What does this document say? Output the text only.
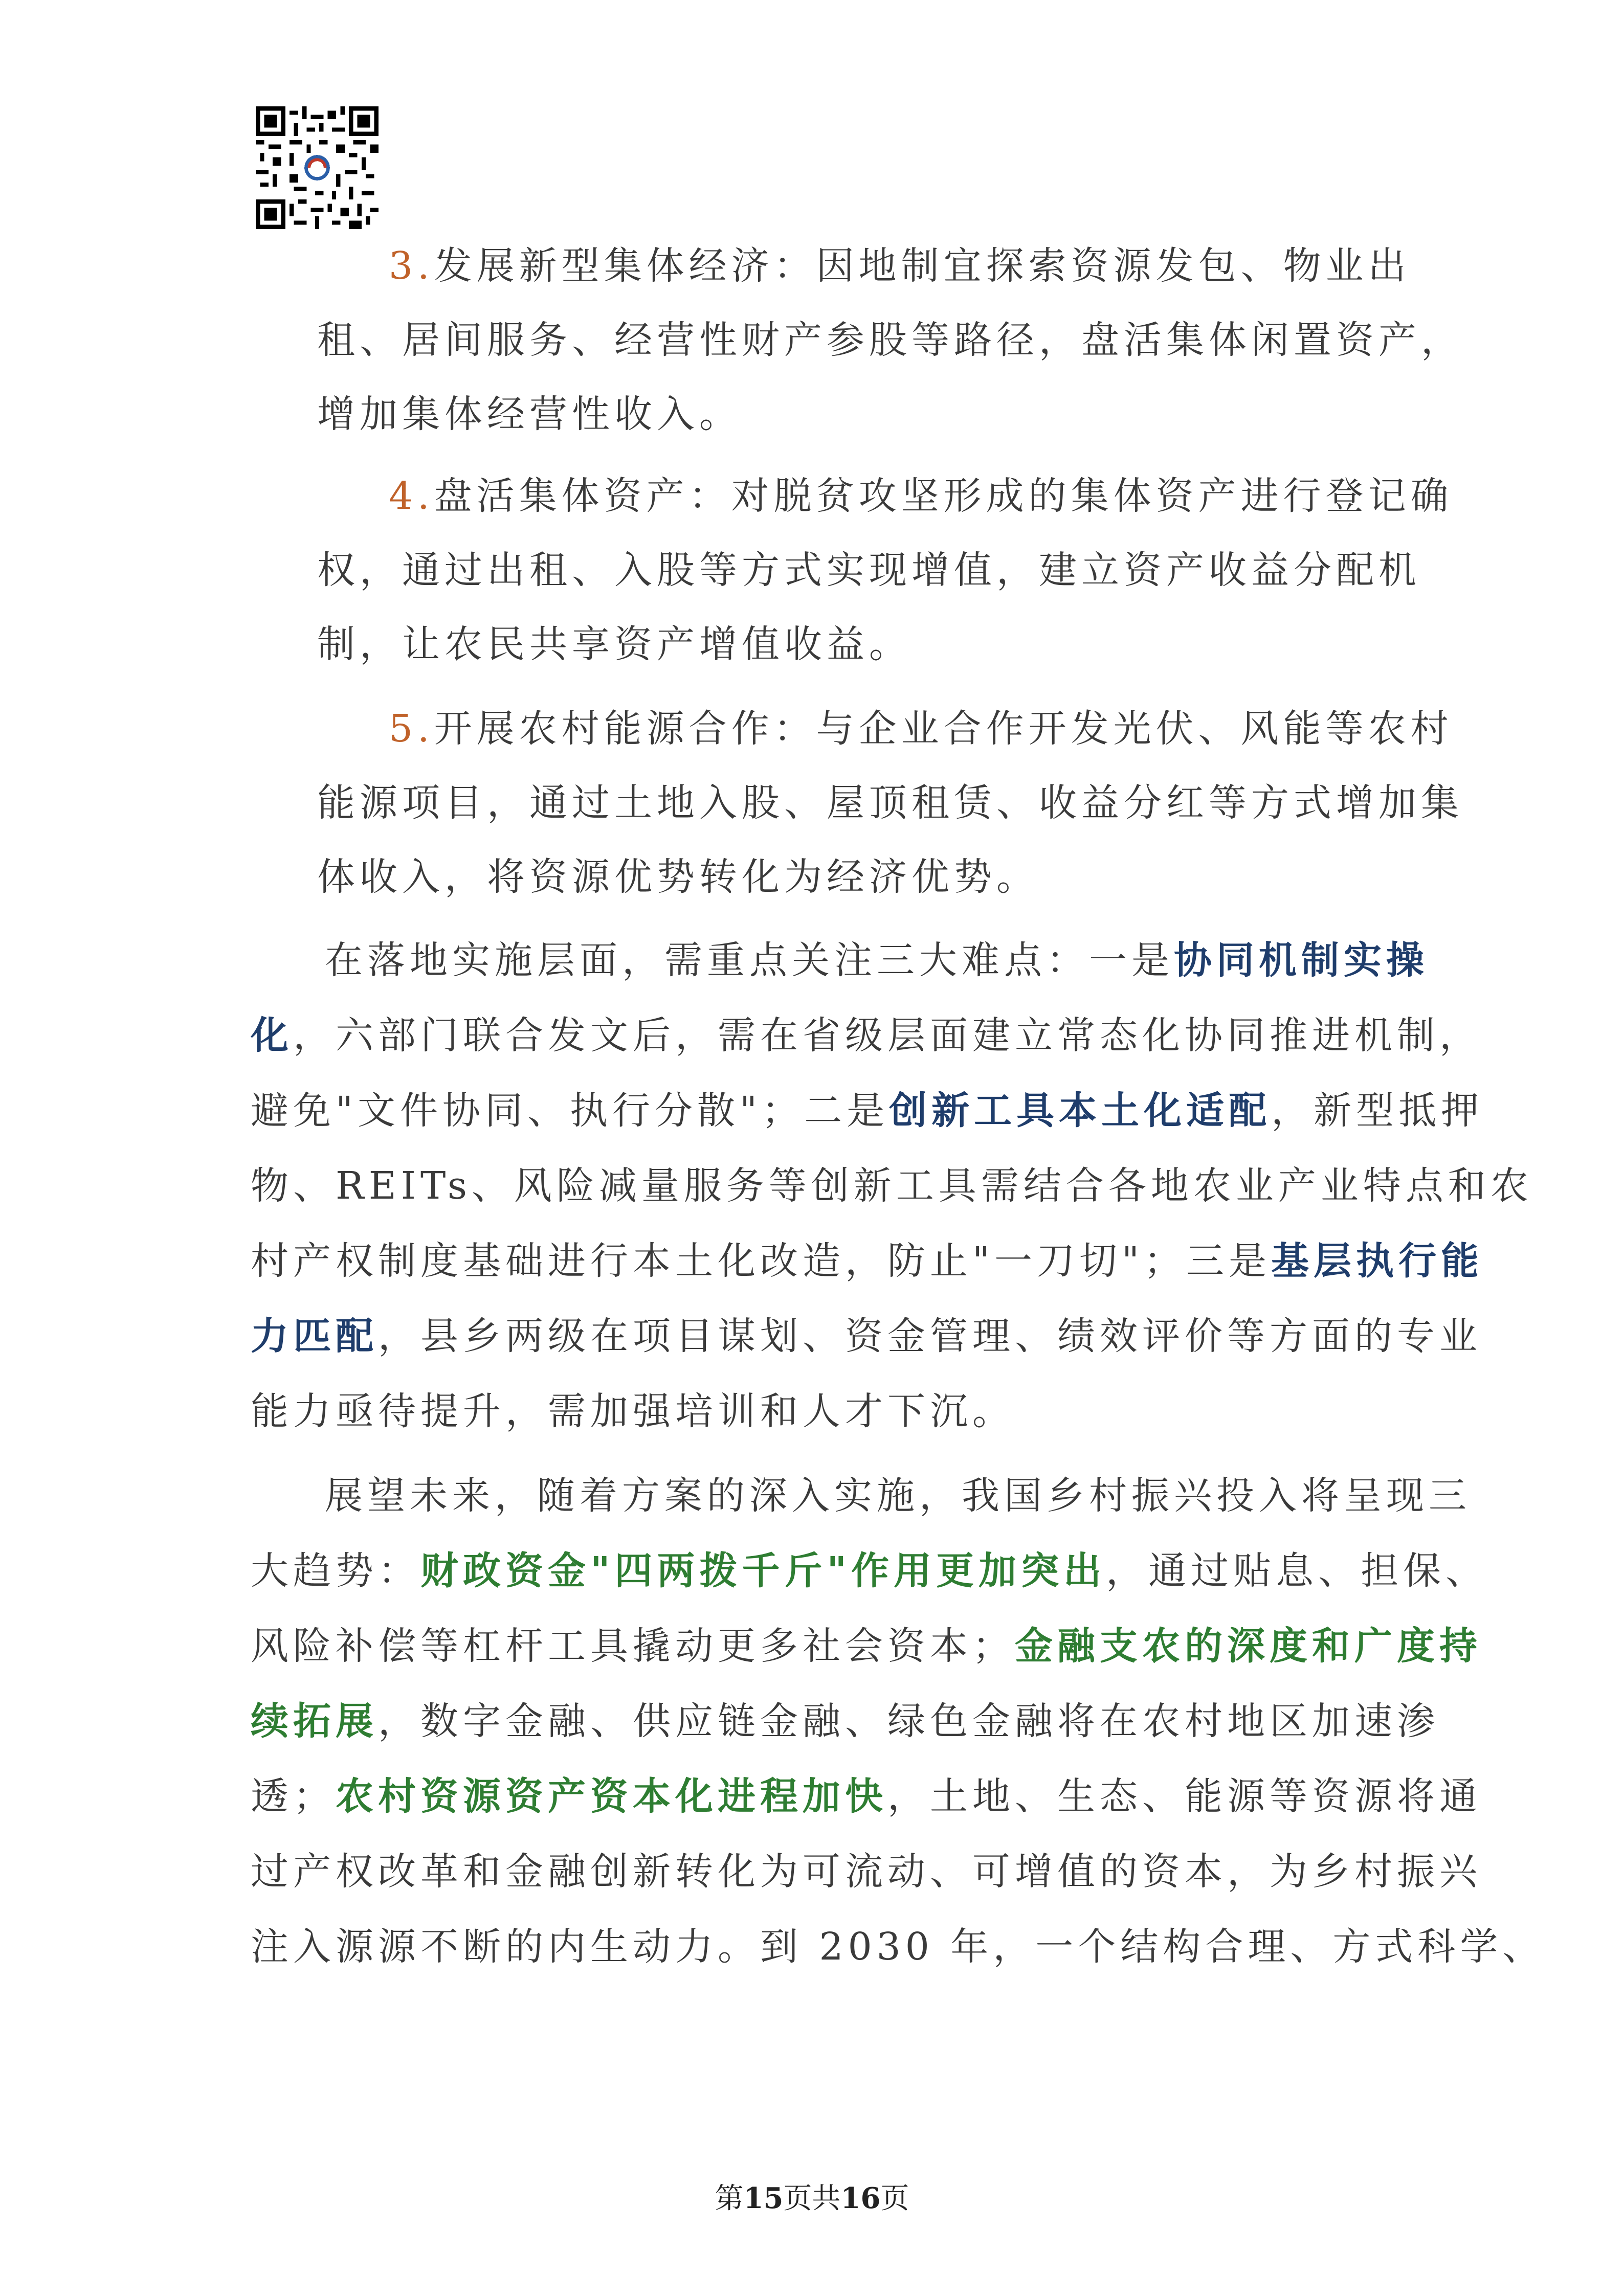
3.发展新型集体经济：因地制宜探索资源发包、物业出
租、居间服务、经营性财产参股等路径，盘活集体闲置资产，
增加集体经营性收入。
4.盘活集体资产：对脱贫攻坚形成的集体资产进行登记确
权，通过出租、入股等方式实现增值，建立资产收益分配机
制，让农民共享资产增值收益。
5.开展农村能源合作：与企业合作开发光伏、风能等农村
能源项目，通过土地入股、屋顶租赁、收益分红等方式增加集
体收入，将资源优势转化为经济优势。
在落地实施层面，需重点关注三大难点：一是协同机制实操
化，六部门联合发文后，需在省级层面建立常态化协同推进机制，
避免"文件协同、执行分散"；二是创新工具本土化适配，新型抵押
物、REITs、风险减量服务等创新工具需结合各地农业产业特点和农
村产权制度基础进行本土化改造，防止"一刀切"；三是基层执行能
力匹配，县乡两级在项目谋划、资金管理、绩效评价等方面的专业
能力亟待提升，需加强培训和人才下沉。
展望未来，随着方案的深入实施，我国乡村振兴投入将呈现三
大趋势：财政资金"四两拨千斤"作用更加突出，通过贴息、担保、
风险补偿等杠杆工具撬动更多社会资本；金融支农的深度和广度持
续拓展，数字金融、供应链金融、绿色金融将在农村地区加速渗
透；农村资源资产资本化进程加快，土地、生态、能源等资源将通
过产权改革和金融创新转化为可流动、可增值的资本，为乡村振兴
注入源源不断的内生动力。到 2030 年，一个结构合理、方式科学、
第15页共16页
